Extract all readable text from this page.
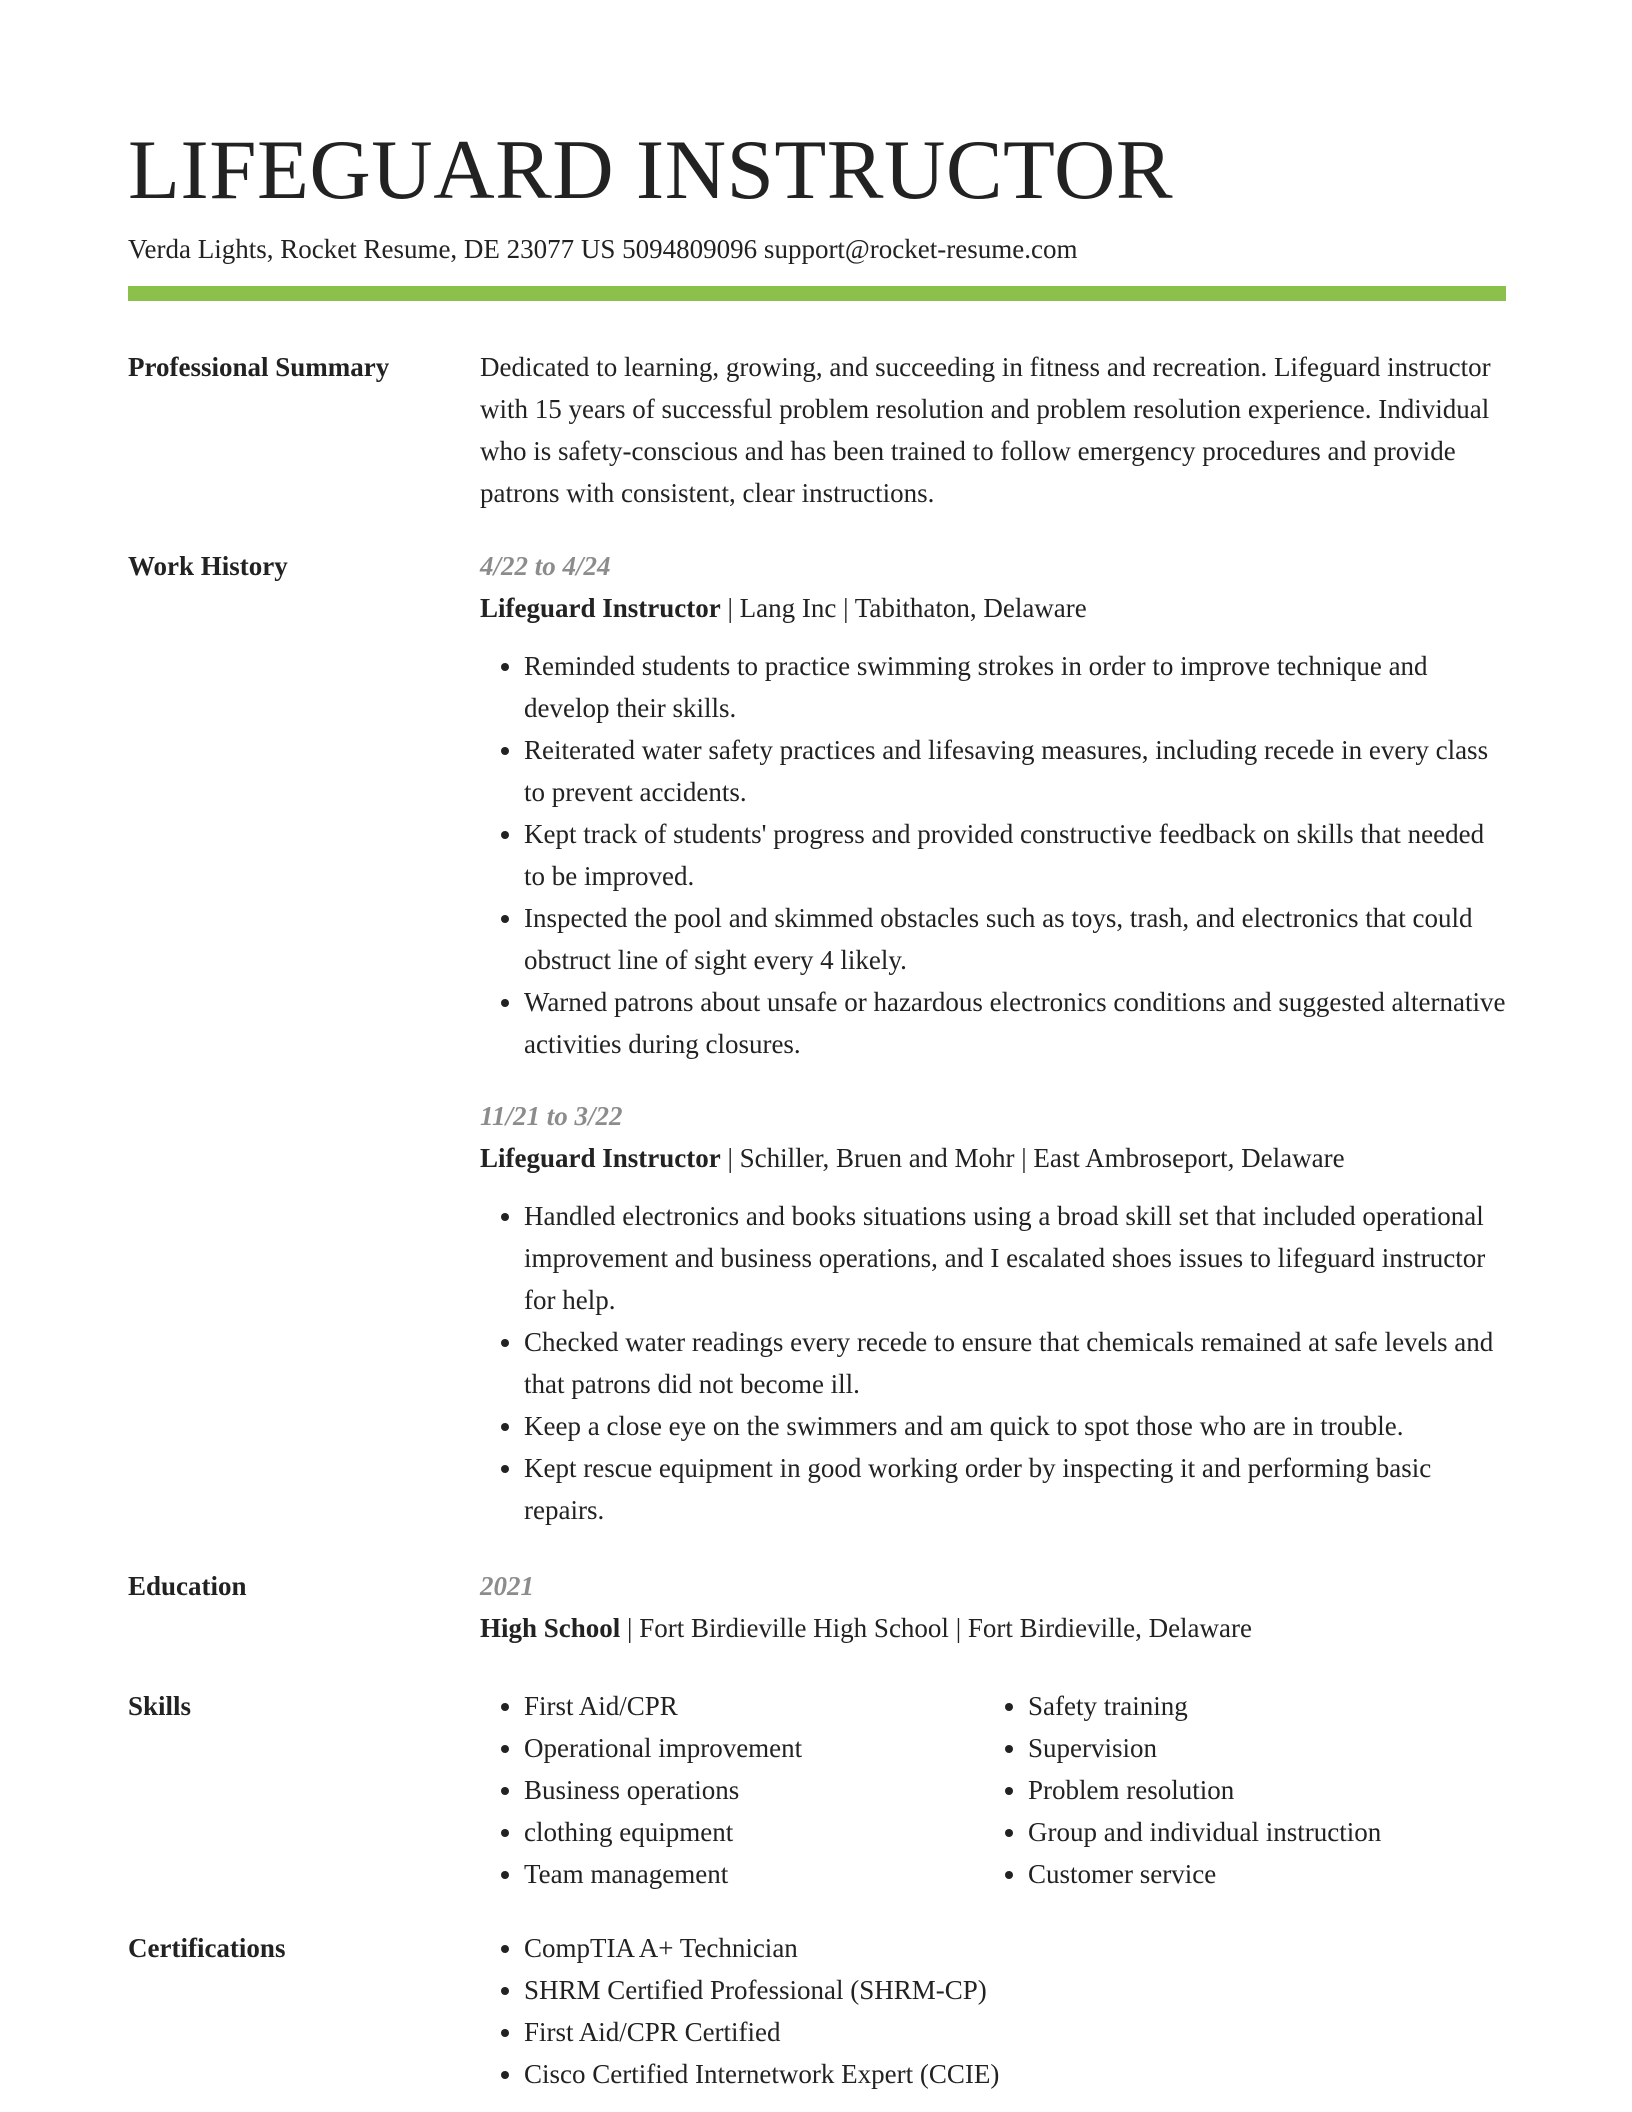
LIFEGUARD INSTRUCTOR
Verda Lights, Rocket Resume, DE 23077 US 5094809096 support@rocket-resume.com
Professional Summary	Dedicated to learning, growing, and succeeding in fitness and recreation. Lifeguard instructor with 15 years of successful problem resolution and problem resolution experience. Individual who is safety-conscious and has been trained to follow emergency procedures and provide patrons with consistent, clear instructions.

Work History	4/22 to 4/24
Lifeguard Instructor | Lang Inc | Tabithaton, Delaware
• Reminded students to practice swimming strokes in order to improve technique and develop their skills.
• Reiterated water safety practices and lifesaving measures, including recede in every class to prevent accidents.
• Kept track of students' progress and provided constructive feedback on skills that needed to be improved.
• Inspected the pool and skimmed obstacles such as toys, trash, and electronics that could obstruct line of sight every 4 likely.
• Warned patrons about unsafe or hazardous electronics conditions and suggested alternative activities during closures.
11/21 to 3/22
Lifeguard Instructor | Schiller, Bruen and Mohr | East Ambroseport, Delaware
• Handled electronics and books situations using a broad skill set that included operational improvement and business operations, and I escalated shoes issues to lifeguard instructor for help.
• Checked water readings every recede to ensure that chemicals remained at safe levels and that patrons did not become ill.
• Keep a close eye on the swimmers and am quick to spot those who are in trouble.
• Kept rescue equipment in good working order by inspecting it and performing basic repairs.
Education	2021
High School | Fort Birdieville High School | Fort Birdieville, Delaware
Skills	• First Aid/CPR
• Operational improvement
• Business operations
• clothing equipment
• Team management
• Safety training
• Supervision
• Problem resolution
• Group and individual instruction
• Customer service
Certifications	• CompTIA A+ Technician
• SHRM Certified Professional (SHRM-CP)
• First Aid/CPR Certified
• Cisco Certified Internetwork Expert (CCIE)
